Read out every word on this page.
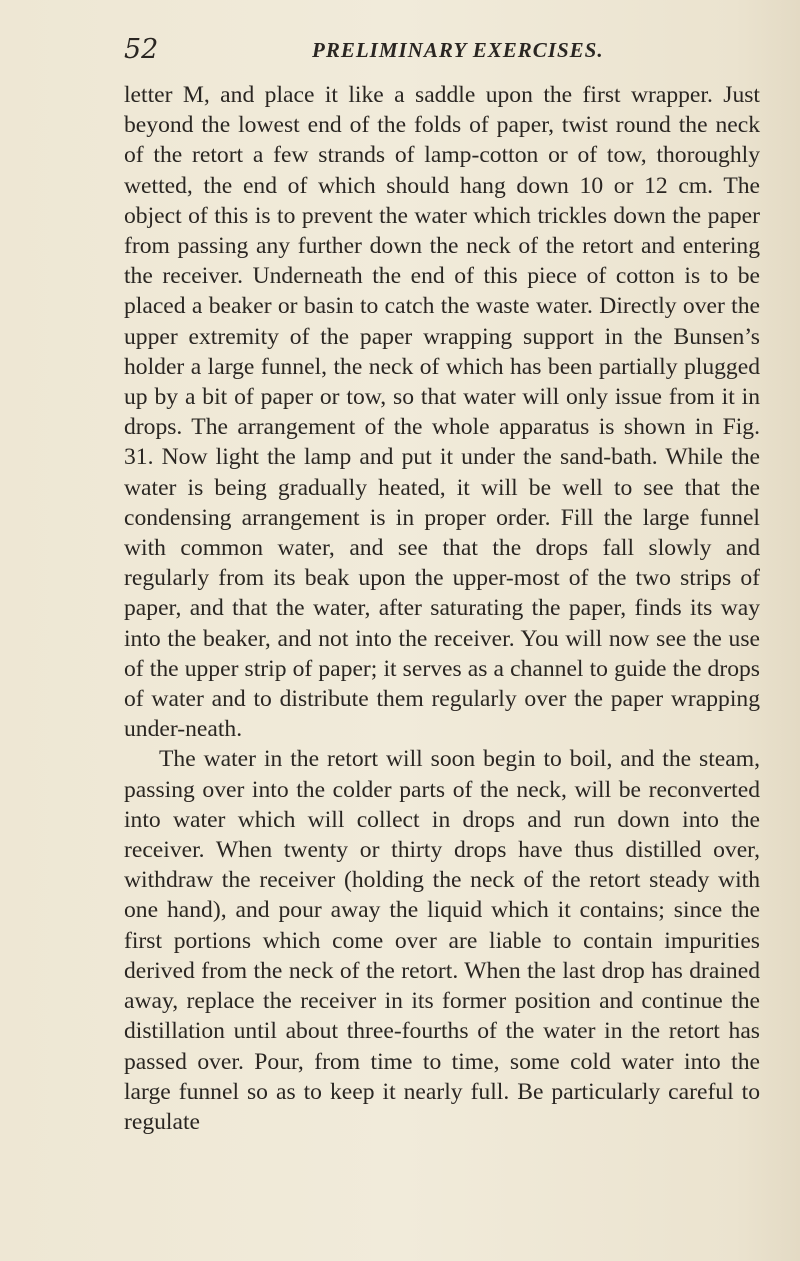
52	PRELIMINARY EXERCISES.

letter M, and place it like a saddle upon the first wrapper. Just beyond the lowest end of the folds of paper, twist round the neck of the retort a few strands of lamp-cotton or of tow, thoroughly wetted, the end of which should hang down 10 or 12 cm. The object of this is to prevent the water which trickles down the paper from passing any further down the neck of the retort and entering the receiver. Underneath the end of this piece of cotton is to be placed a beaker or basin to catch the waste water. Directly over the upper extremity of the paper wrapping support in the Bunsen’s holder a large funnel, the neck of which has been partially plugged up by a bit of paper or tow, so that water will only issue from it in drops. The arrangement of the whole apparatus is shown in Fig. 31. Now light the lamp and put it under the sand-bath. While the water is being gradually heated, it will be well to see that the condensing arrangement is in proper order. Fill the large funnel with common water, and see that the drops fall slowly and regularly from its beak upon the upper-most of the two strips of paper, and that the water, after saturating the paper, finds its way into the beaker, and not into the receiver. You will now see the use of the upper strip of paper; it serves as a channel to guide the drops of water and to distribute them regularly over the paper wrapping under-neath.

The water in the retort will soon begin to boil, and the steam, passing over into the colder parts of the neck, will be reconverted into water which will collect in drops and run down into the receiver. When twenty or thirty drops have thus distilled over, withdraw the receiver (holding the neck of the retort steady with one hand), and pour away the liquid which it contains; since the first portions which come over are liable to contain impurities derived from the neck of the retort. When the last drop has drained away, replace the receiver in its former position and continue the distillation until about three-fourths of the water in the retort has passed over. Pour, from time to time, some cold water into the large funnel so as to keep it nearly full. Be particularly careful to regulate
